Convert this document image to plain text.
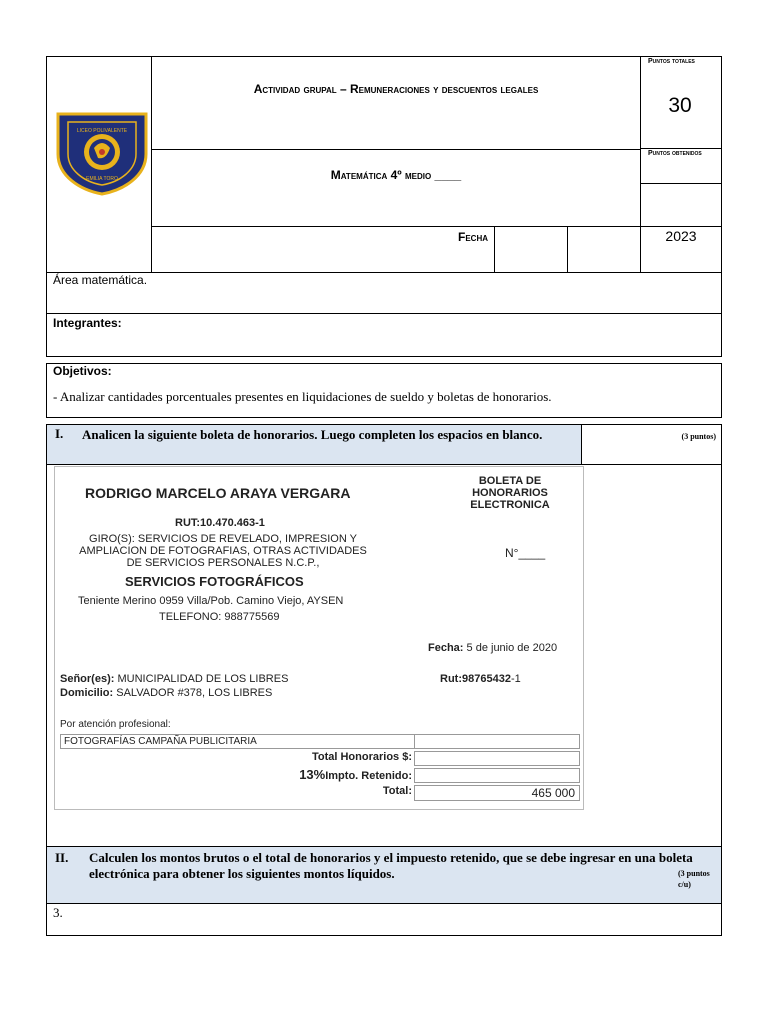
LICEO POLIVALENTE
EMILIA TORO
Actividad grupal – Remuneraciones y descuentos legales
Matemática 4º medio ____
Fecha
Puntos totales
30
Puntos obtenidos
2023
Área matemática.
Integrantes:
Objetivos:
- Analizar cantidades porcentuales presentes en liquidaciones de sueldo y boletas de honorarios.
I. Analicen la siguiente boleta de honorarios. Luego completen los espacios en blanco.	(3 puntos)
RODRIGO MARCELO ARAYA VERGARA
BOLETA DE
HONORARIOS
ELECTRONICA
RUT:10.470.463-1
GIRO(S): SERVICIOS DE REVELADO, IMPRESION Y
AMPLIACION DE FOTOGRAFIAS, OTRAS ACTIVIDADES
DE SERVICIOS PERSONALES N.C.P.,
N°____
SERVICIOS FOTOGRÁFICOS
Teniente Merino 0959 Villa/Pob. Camino Viejo, AYSEN
TELEFONO: 988775569
Fecha: 5 de junio de 2020
Señor(es): MUNICIPALIDAD DE LOS LIBRES	Rut:98765432-1
Domicilio: SALVADOR #378, LOS LIBRES
Por atención profesional:
FOTOGRAFÍAS CAMPAÑA PUBLICITARIA
Total Honorarios $:
13%Impto. Retenido:
Total:	465 000
II. Calculen los montos brutos o el total de honorarios y el impuesto retenido, que se debe ingresar en una boleta electrónica para obtener los siguientes montos líquidos.	(3 puntos c/u)
3.
